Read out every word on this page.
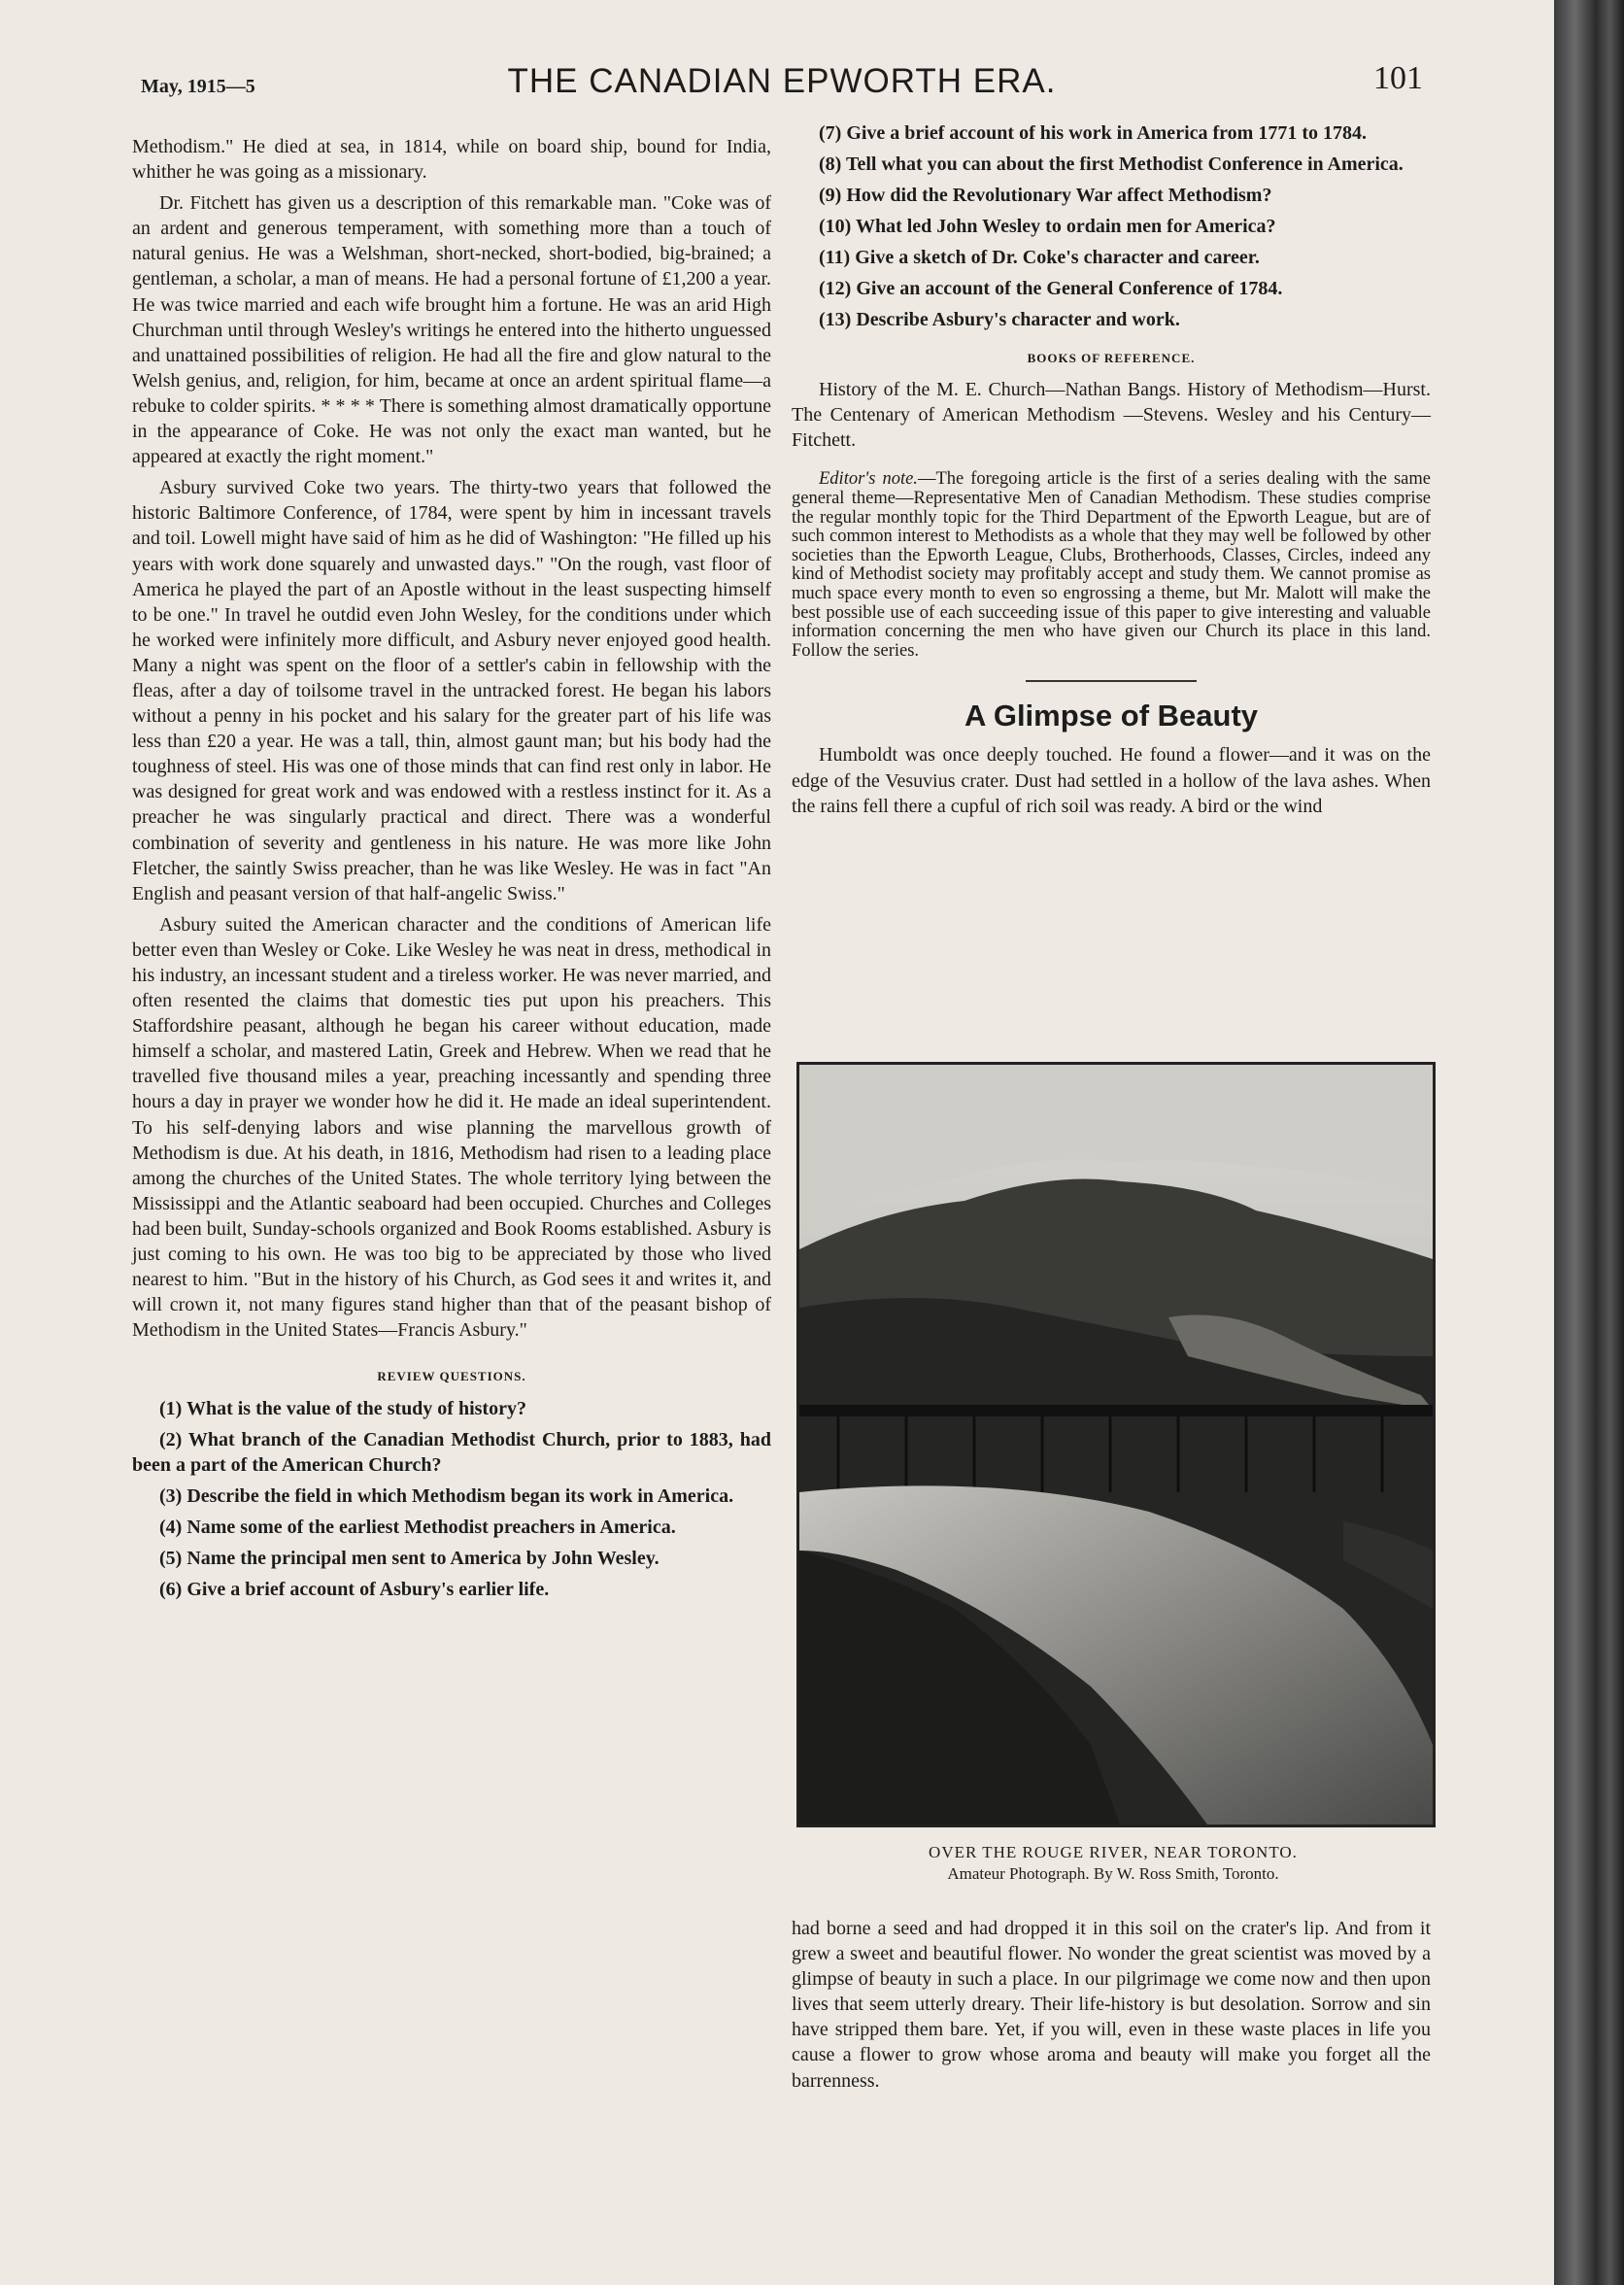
May, 1915—5	THE CANADIAN EPWORTH ERA.	101

Methodism." He died at sea, in 1814, while on board ship, bound for India, whither he was going as a missionary.

Dr. Fitchett has given us a description of this remarkable man. "Coke was of an ardent and generous temperament, with something more than a touch of natural genius. He was a Welshman, short-necked, short-bodied, big-brained; a gentleman, a scholar, a man of means. He had a personal fortune of £1,200 a year. He was twice married and each wife brought him a fortune. He was an arid High Churchman until through Wesley's writings he entered into the hitherto unguessed and unattained possibilities of religion. He had all the fire and glow natural to the Welsh genius, and, religion, for him, became at once an ardent spiritual flame—a rebuke to colder spirits. * * * * There is something almost dramatically opportune in the appearance of Coke. He was not only the exact man wanted, but he appeared at exactly the right moment."

Asbury survived Coke two years. The thirty-two years that followed the historic Baltimore Conference, of 1784, were spent by him in incessant travels and toil. Lowell might have said of him as he did of Washington: "He filled up his years with work done squarely and unwasted days." "On the rough, vast floor of America he played the part of an Apostle without in the least suspecting himself to be one." In travel he outdid even John Wesley, for the conditions under which he worked were infinitely more difficult, and Asbury never enjoyed good health. Many a night was spent on the floor of a settler's cabin in fellowship with the fleas, after a day of toilsome travel in the untracked forest. He began his labors without a penny in his pocket and his salary for the greater part of his life was less than £20 a year. He was a tall, thin, almost gaunt man; but his body had the toughness of steel. His was one of those minds that can find rest only in labor. He was designed for great work and was endowed with a restless instinct for it. As a preacher he was singularly practical and direct. There was a wonderful combination of severity and gentleness in his nature. He was more like John Fletcher, the saintly Swiss preacher, than he was like Wesley. He was in fact "An English and peasant version of that half-angelic Swiss."

Asbury suited the American character and the conditions of American life better even than Wesley or Coke. Like Wesley he was neat in dress, methodical in his industry, an incessant student and a tireless worker. He was never married, and often resented the claims that domestic ties put upon his preachers. This Staffordshire peasant, although he began his career without education, made himself a scholar, and mastered Latin, Greek and Hebrew. When we read that he travelled five thousand miles a year, preaching incessantly and spending three hours a day in prayer we wonder how he did it. He made an ideal superintendent. To his self-denying labors and wise planning the marvellous growth of Methodism is due. At his death, in 1816, Methodism had risen to a leading place among the churches of the United States. The whole territory lying between the Mississippi and the Atlantic seaboard had been occupied. Churches and Colleges had been built, Sunday-schools organized and Book Rooms established. Asbury is just coming to his own. He was too big to be appreciated by those who lived nearest to him. "But in the history of his Church, as God sees it and writes it, and will crown it, not many figures stand higher than that of the peasant bishop of Methodism in the United States—Francis Asbury."

REVIEW QUESTIONS.

(1) What is the value of the study of history?

(2) What branch of the Canadian Methodist Church, prior to 1883, had been a part of the American Church?

(3) Describe the field in which Methodism began its work in America.

(4) Name some of the earliest Methodist preachers in America.

(5) Name the principal men sent to America by John Wesley.

(6) Give a brief account of Asbury's earlier life.

(7) Give a brief account of his work in America from 1771 to 1784.

(8) Tell what you can about the first Methodist Conference in America.

(9) How did the Revolutionary War affect Methodism?

(10) What led John Wesley to ordain men for America?

(11) Give a sketch of Dr. Coke's character and career.

(12) Give an account of the General Conference of 1784.

(13) Describe Asbury's character and work.

BOOKS OF REFERENCE.

History of the M. E. Church—Nathan Bangs. History of Methodism—Hurst. The Centenary of American Methodism —Stevens. Wesley and his Century—Fitchett.

Editor's note.—The foregoing article is the first of a series dealing with the same general theme—Representative Men of Canadian Methodism. These studies comprise the regular monthly topic for the Third Department of the Epworth League, but are of such common interest to Methodists as a whole that they may well be followed by other societies than the Epworth League, Clubs, Brotherhoods, Classes, Circles, indeed any kind of Methodist society may profitably accept and study them. We cannot promise as much space every month to even so engrossing a theme, but Mr. Malott will make the best possible use of each succeeding issue of this paper to give interesting and valuable information concerning the men who have given our Church its place in this land. Follow the series.

A Glimpse of Beauty

Humboldt was once deeply touched. He found a flower—and it was on the edge of the Vesuvius crater. Dust had settled in a hollow of the lava ashes. When the rains fell there a cupful of rich soil was ready. A bird or the wind

OVER THE ROUGE RIVER, NEAR TORONTO.
Amateur Photograph. By W. Ross Smith, Toronto.

had borne a seed and had dropped it in this soil on the crater's lip. And from it grew a sweet and beautiful flower. No wonder the great scientist was moved by a glimpse of beauty in such a place. In our pilgrimage we come now and then upon lives that seem utterly dreary. Their life-history is but desolation. Sorrow and sin have stripped them bare. Yet, if you will, even in these waste places in life you cause a flower to grow whose aroma and beauty will make you forget all the barrenness.
